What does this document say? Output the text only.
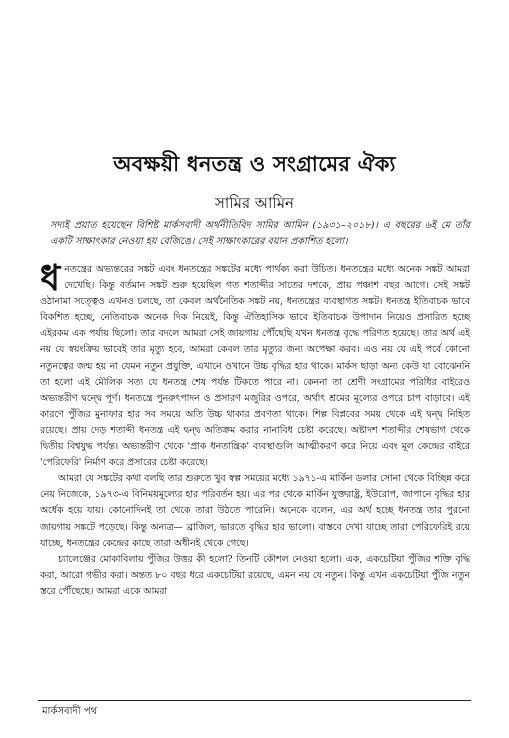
অবক্ষয়ী ধনতন্ত্র ও সংগ্রামের ঐক্য
সামির আমিন
সদ্যই প্রয়াত হয়েছেন বিশিষ্ট মার্কসবাদী অর্থনীতিবিদ সামির আমিন (১৯৩১–২০১৮)। এ বছরের ৬ই মে তাঁর একটি সাক্ষাৎকার নেওয়া হয় বেজিঙে। সেই সাক্ষাৎকারের বয়ান প্রকাশিত হলো।

ধনতন্ত্রের অভ্যন্তরের সঙ্কট এবং ধনতন্ত্রের সঙ্কটের মধ্যে পার্থক্য করা উচিত। ধনতন্ত্রের মধ্যে অনেক সঙ্কট আমরা দেখেছি। কিন্তু বর্তমান সঙ্কট শুরু হয়েছিল গত শতাব্দীর সাতের দশকে, প্রায় পঞ্চাশ বছর আগে। সেই সঙ্কট ওঠানামা সত্ত্বেও এখনও চলছে, তা কেবল অর্থনৈতিক সঙ্কট নয়, ধনতন্ত্রের ব্যবস্থাগত সঙ্কট। ধনতন্ত্র ইতিবাচক ভাবে বিকশিত হচ্ছে, নেতিবাচক অনেক দিক নিয়েই, কিন্তু ঐতিহাসিক ভাবে ইতিবাচক উপাদান নিয়েও প্রসারিত হচ্ছে এইরকম এক পর্যায় ছিলো। তার বদলে আমরা সেই জায়গায় পৌঁছেছি যখন ধনতন্ত্র বৃদ্ধে পরিণত হয়েছে। তার অর্থ এই নয় যে স্বয়ংক্রিয় ভাবেই তার মৃত্যু হবে, আমরা কেবল তার মৃত্যুর জন্য অপেক্ষা করব। এও নয় যে এই পর্বে কোনো নতুনত্বের জন্ম হয় না যেমন নতুন প্রযুক্তি, এখানে ওখানে উচ্চ বৃদ্ধির হার থাকে। মার্কস ছাড়া অন্য কেউ যা বোঝেননি তা হলো এই মৌলিক সত্য যে ধনতন্ত্র শেষ পর্যন্ত টিকতে পারে না। কেননা তা শ্রেণী সংগ্রামের পরিধির বাইরেও অভ্যন্তরীণ দ্বন্দ্বে পূর্ণ। ধনতন্ত্রে পুনরুৎপাদন ও প্রসারণ মজুরির ওপরে, অর্থাৎ শ্রমের মূল্যের ওপরে চাপ বাড়াবে। এই কারণে পুঁজির মুনাফার হার সব সময়ে অতি উচ্চ থাকার প্রবণতা থাকে। শিল্প বিপ্লবের সময় থেকে এই দ্বন্দ্ব নিহিত রয়েছে। প্রায় দেড় শতাব্দী ধনতন্ত্র এই দ্বন্দ্ব অতিক্রম করার নানাবিধ চেষ্টা করেছে। অষ্টাদশ শতাব্দীর শেষভাগ থেকে দ্বিতীয় বিশ্বযুদ্ধ পর্যন্ত। অভ্যন্তরীণ থেকে 'প্রাক ধনতান্ত্রিক' ব্যবস্থাগুলি আত্মীকরণ করে নিয়ে এবং মূল কেন্দ্রের বাইরে 'পেরিফেরি' নির্মাণ করে প্রসারের চেষ্টা করেছে।

আমরা যে সঙ্কটের কথা বলছি তার শুরুতে খুব স্বল্প সময়ের মধ্যে ১৯৭১-এ মার্কিন ডলার সোনা থেকে বিচ্ছিন্ন করে নেয় নিজেকে, ১৯৭৩-এ বিনিময়মূল্যের হার পরিবর্তন হয়। এর পর থেকে মার্কিন যুক্তরাষ্ট্র, ইউরোপ, জাপানে বৃদ্ধির হার অর্ধেক হয়ে যায়। কোনোদিনই তা থেকে তারা উঠতে পারেনি। অনেকে বলেন, এর অর্থ হচ্ছে ধনতন্ত্র তার পুরনো জায়গায় সঙ্কটে পড়েছে। কিন্তু অন্যত্র— ব্রাজিল, ভারতে বৃদ্ধির হার ভালো। বাস্তবে দেখা যাচ্ছে তারা পেরিফেরিই রয়ে যাচ্ছে, ধনতন্ত্রের কেন্দ্রের কাছে তারা অধীনই থেকে গেছে।

চ্যালেঞ্জের মোকাবিলায় পুঁজির উত্তর কী হলো? তিনটি কৌশল নেওয়া হলো। এক, একচেটিয়া পুঁজির শক্তি বৃদ্ধি করা, আরো গভীর করা। অন্তত ৮০ বছর ধরে একচেটিয়া রয়েছে, এমন নয় যে নতুন। কিন্তু এখন একচেটিয়া পুঁজি নতুন স্তরে পৌঁছেছে। আমরা একে আমরা

মার্কসবাদী পথ
